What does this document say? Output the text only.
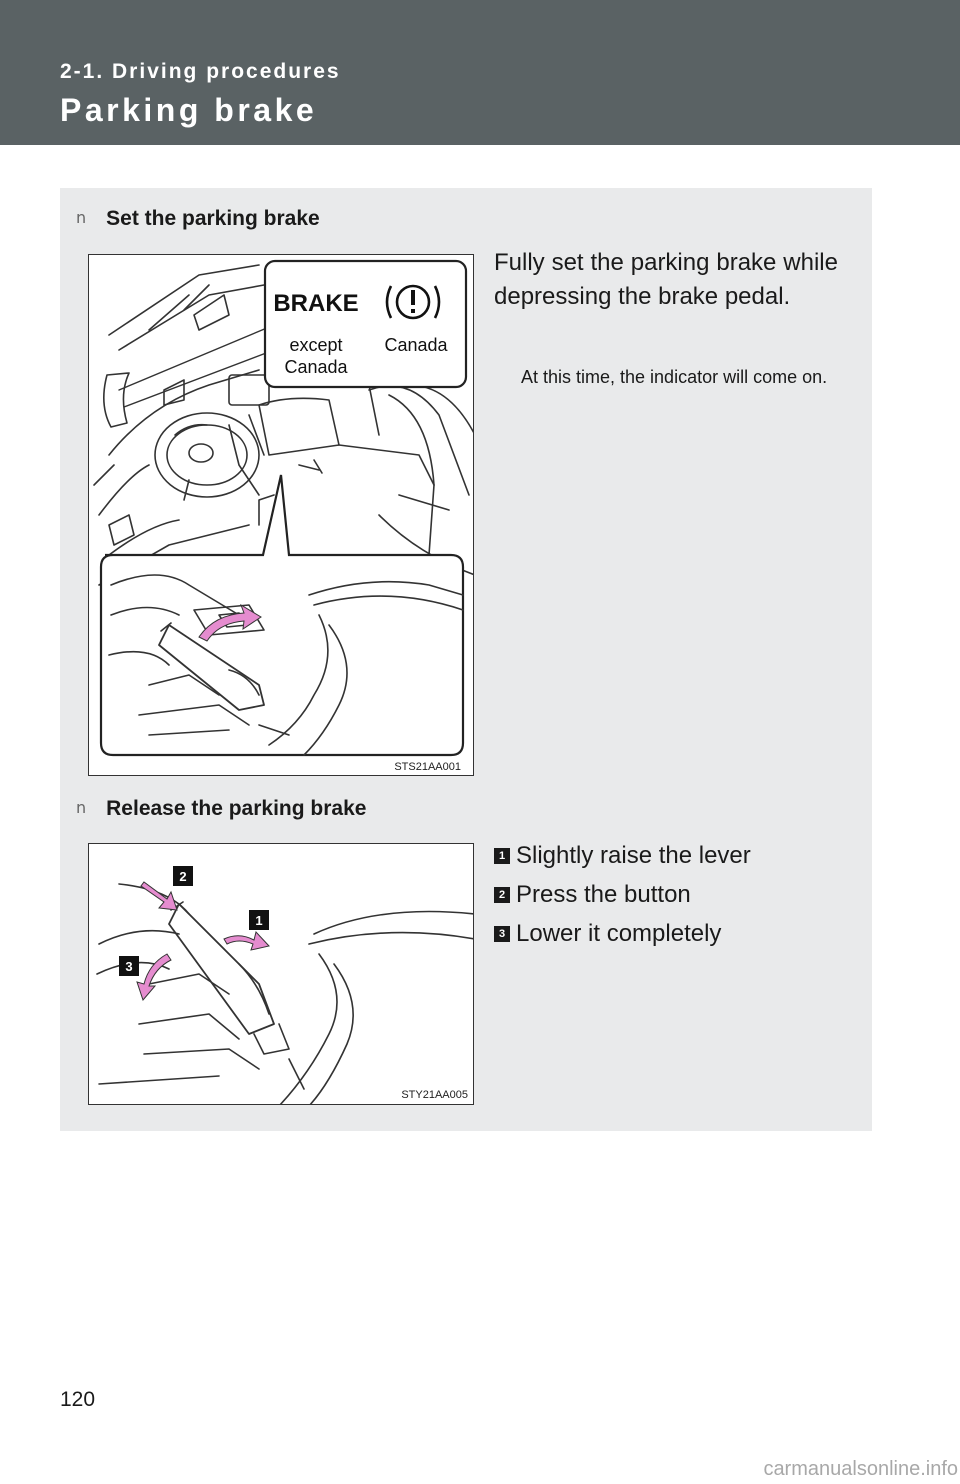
2-1. Driving procedures
Parking brake
n Set the parking brake
BRAKE
except
Canada
Canada
STS21AA001
Fully set the parking brake while depressing the brake pedal.
At this time, the indicator will come on.
n Release the parking brake
2
1
3
STY21AA005
1 Slightly raise the lever
2 Press the button
3 Lower it completely
120
carmanualsonline.info
